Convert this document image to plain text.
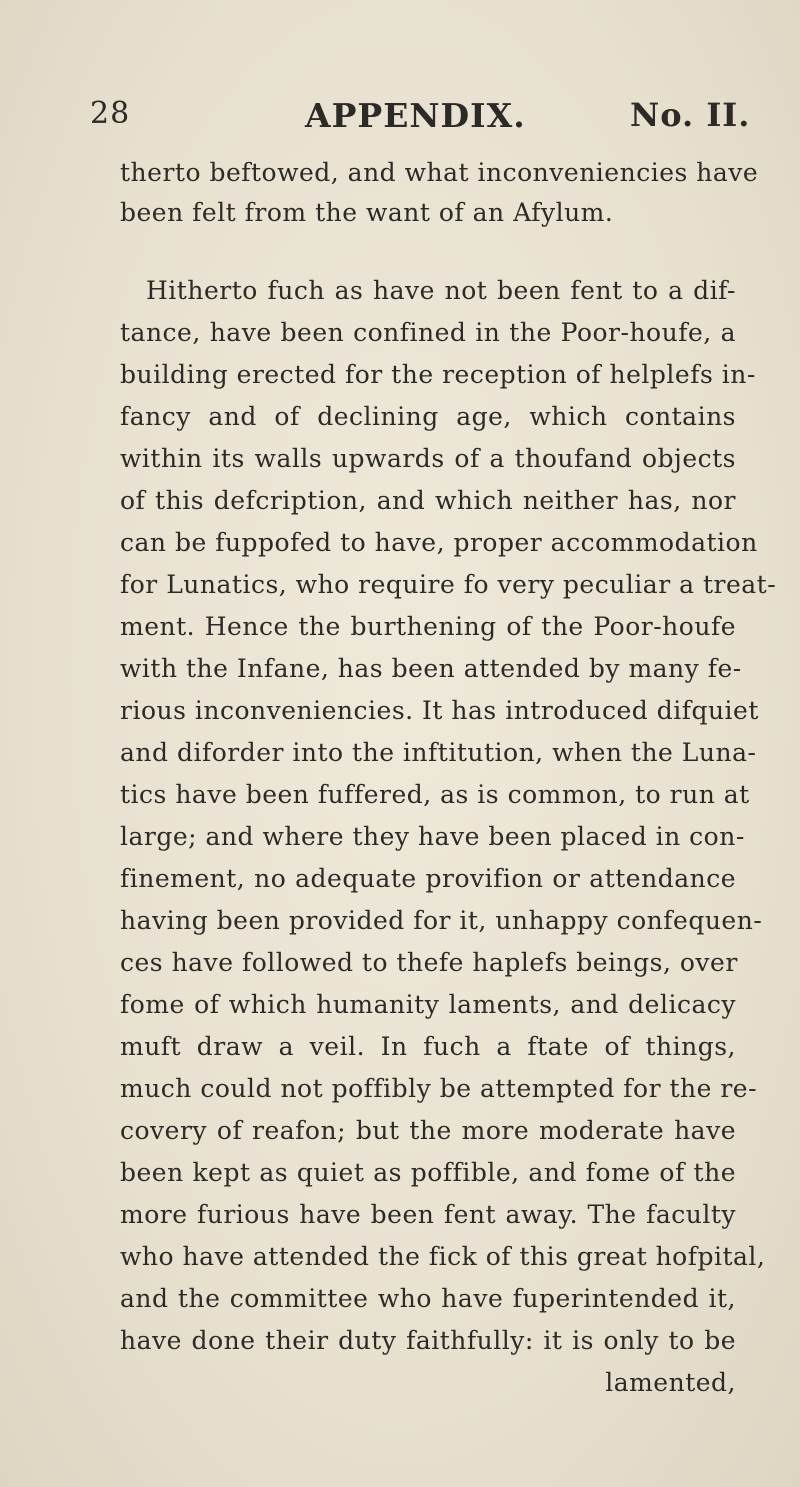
28	APPENDIX.	No. II.
therto beftowed, and what inconveniencies have
been felt from the want of an Afylum.
Hitherto fuch as have not been fent to a dif-
tance, have been confined in the Poor-houfe, a
building erected for the reception of helplefs in-
fancy and of declining age, which contains
within its walls upwards of a thoufand objects
of this defcription, and which neither has, nor
can be fuppofed to have, proper accommodation
for Lunatics, who require fo very peculiar a treat-
ment. Hence the burthening of the Poor-houfe
with the Infane, has been attended by many fe-
rious inconveniencies. It has introduced difquiet
and diforder into the inftitution, when the Luna-
tics have been fuffered, as is common, to run at
large; and where they have been placed in con-
finement, no adequate provifion or attendance
having been provided for it, unhappy confequen-
ces have followed to thefe haplefs beings, over
fome of which humanity laments, and delicacy
muft draw a veil. In fuch a ftate of things,
much could not poffibly be attempted for the re-
covery of reafon; but the more moderate have
been kept as quiet as poffible, and fome of the
more furious have been fent away. The faculty
who have attended the fick of this great hofpital,
and the committee who have fuperintended it,
have done their duty faithfully: it is only to be
lamented,
